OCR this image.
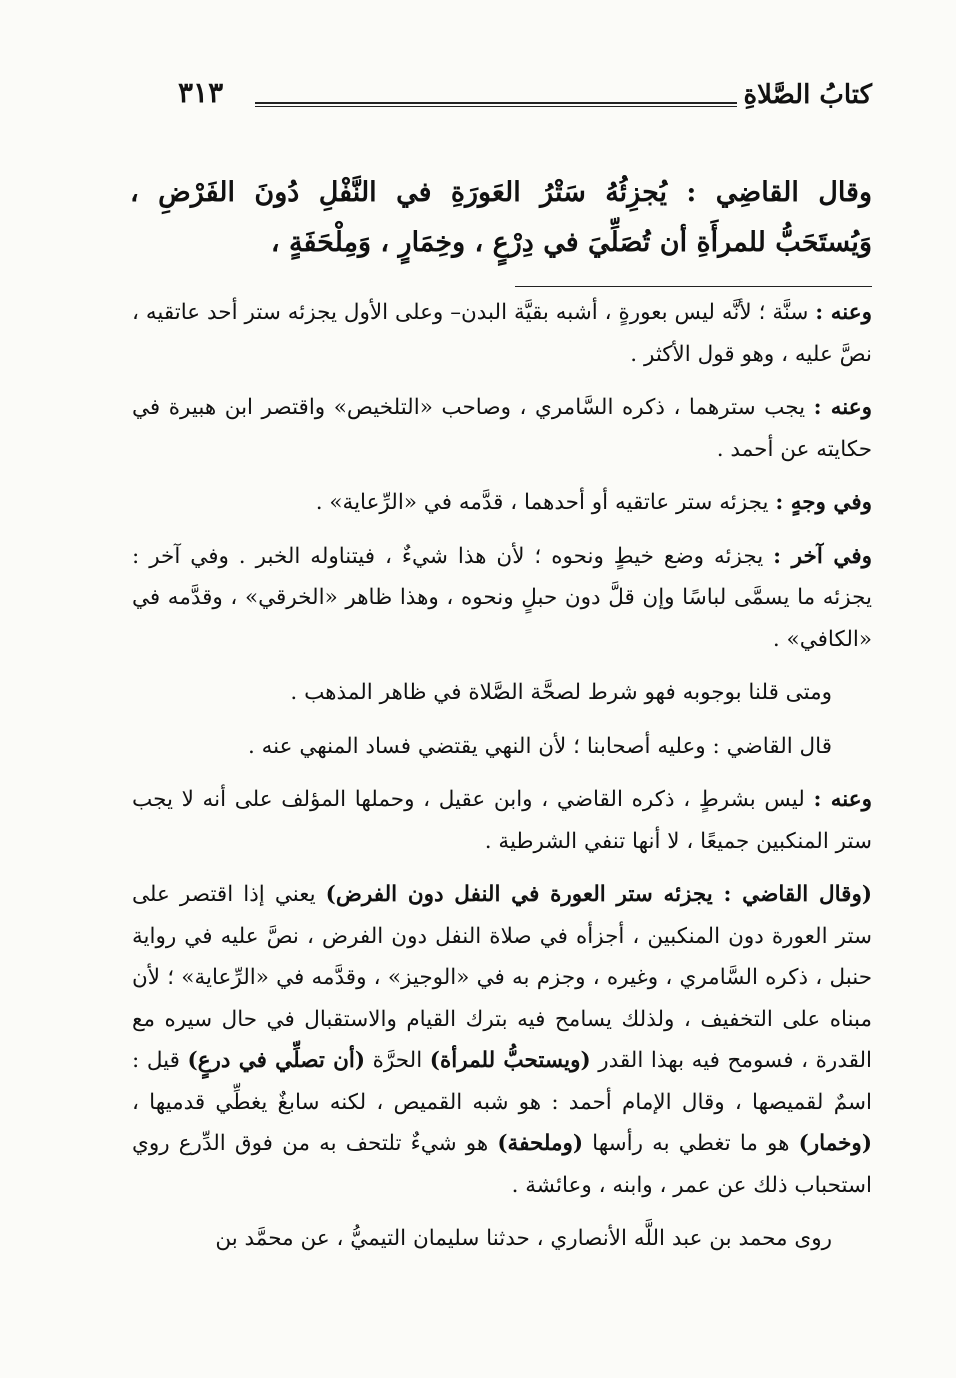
كتابُ الصَّلاةِ
٣١٣
وقال القاضِي : يُجزِئُهُ سَتْرُ العَورَةِ في النَّفْلِ دُونَ الفَرْضِ ، وَيُستَحَبُّ للمرأَةِ أن تُصَلِّيَ في دِرْعٍ ، وخِمَارٍ ، وَمِلْحَفَةٍ ،

وعنه : سنَّة ؛ لأنَّه ليس بعورةٍ ، أشبه بقيَّة البدن– وعلى الأول يجزئه ستر أحد عاتقيه ، نصَّ عليه ، وهو قول الأكثر .

وعنه : يجب سترهما ، ذكره السَّامري ، وصاحب «التلخيص» واقتصر ابن هبيرة في حكايته عن أحمد .

وفي وجهٍ : يجزئه ستر عاتقيه أو أحدهما ، قدَّمه في «الرِّعاية» .

وفي آخر : يجزئه وضع خيطٍ ونحوه ؛ لأن هذا شيءٌ ، فيتناوله الخبر . وفي آخر : يجزئه ما يسمَّى لباسًا وإن قلَّ دون حبلٍ ونحوه ، وهذا ظاهر «الخرقي» ، وقدَّمه في «الكافي» .

ومتى قلنا بوجوبه فهو شرط لصحَّة الصَّلاة في ظاهر المذهب .

قال القاضي : وعليه أصحابنا ؛ لأن النهي يقتضي فساد المنهي عنه .

وعنه : ليس بشرطٍ ، ذكره القاضي ، وابن عقيل ، وحملها المؤلف على أنه لا يجب ستر المنكبين جميعًا ، لا أنها تنفي الشرطية .

(وقال القاضي : يجزئه ستر العورة في النفل دون الفرض) يعني إذا اقتصر على ستر العورة دون المنكبين ، أجزأه في صلاة النفل دون الفرض ، نصَّ عليه في رواية حنبل ، ذكره السَّامري ، وغيره ، وجزم به في «الوجيز» ، وقدَّمه في «الرِّعاية» ؛ لأن مبناه على التخفيف ، ولذلك يسامح فيه بترك القيام والاستقبال في حال سيره مع القدرة ، فسومح فيه بهذا القدر (ويستحبُّ للمرأة) الحرَّة (أن تصلِّي في درعٍ) قيل : اسمٌ لقميصها ، وقال الإمام أحمد : هو شبه القميص ، لكنه سابغٌ يغطِّي قدميها ، (وخمار) هو ما تغطي به رأسها (وملحفة) هو شيءٌ تلتحف به من فوق الدِّرع روي استحباب ذلك عن عمر ، وابنه ، وعائشة .

روى محمد بن عبد اللَّه الأنصاري ، حدثنا سليمان التيميُّ ، عن محمَّد بن
